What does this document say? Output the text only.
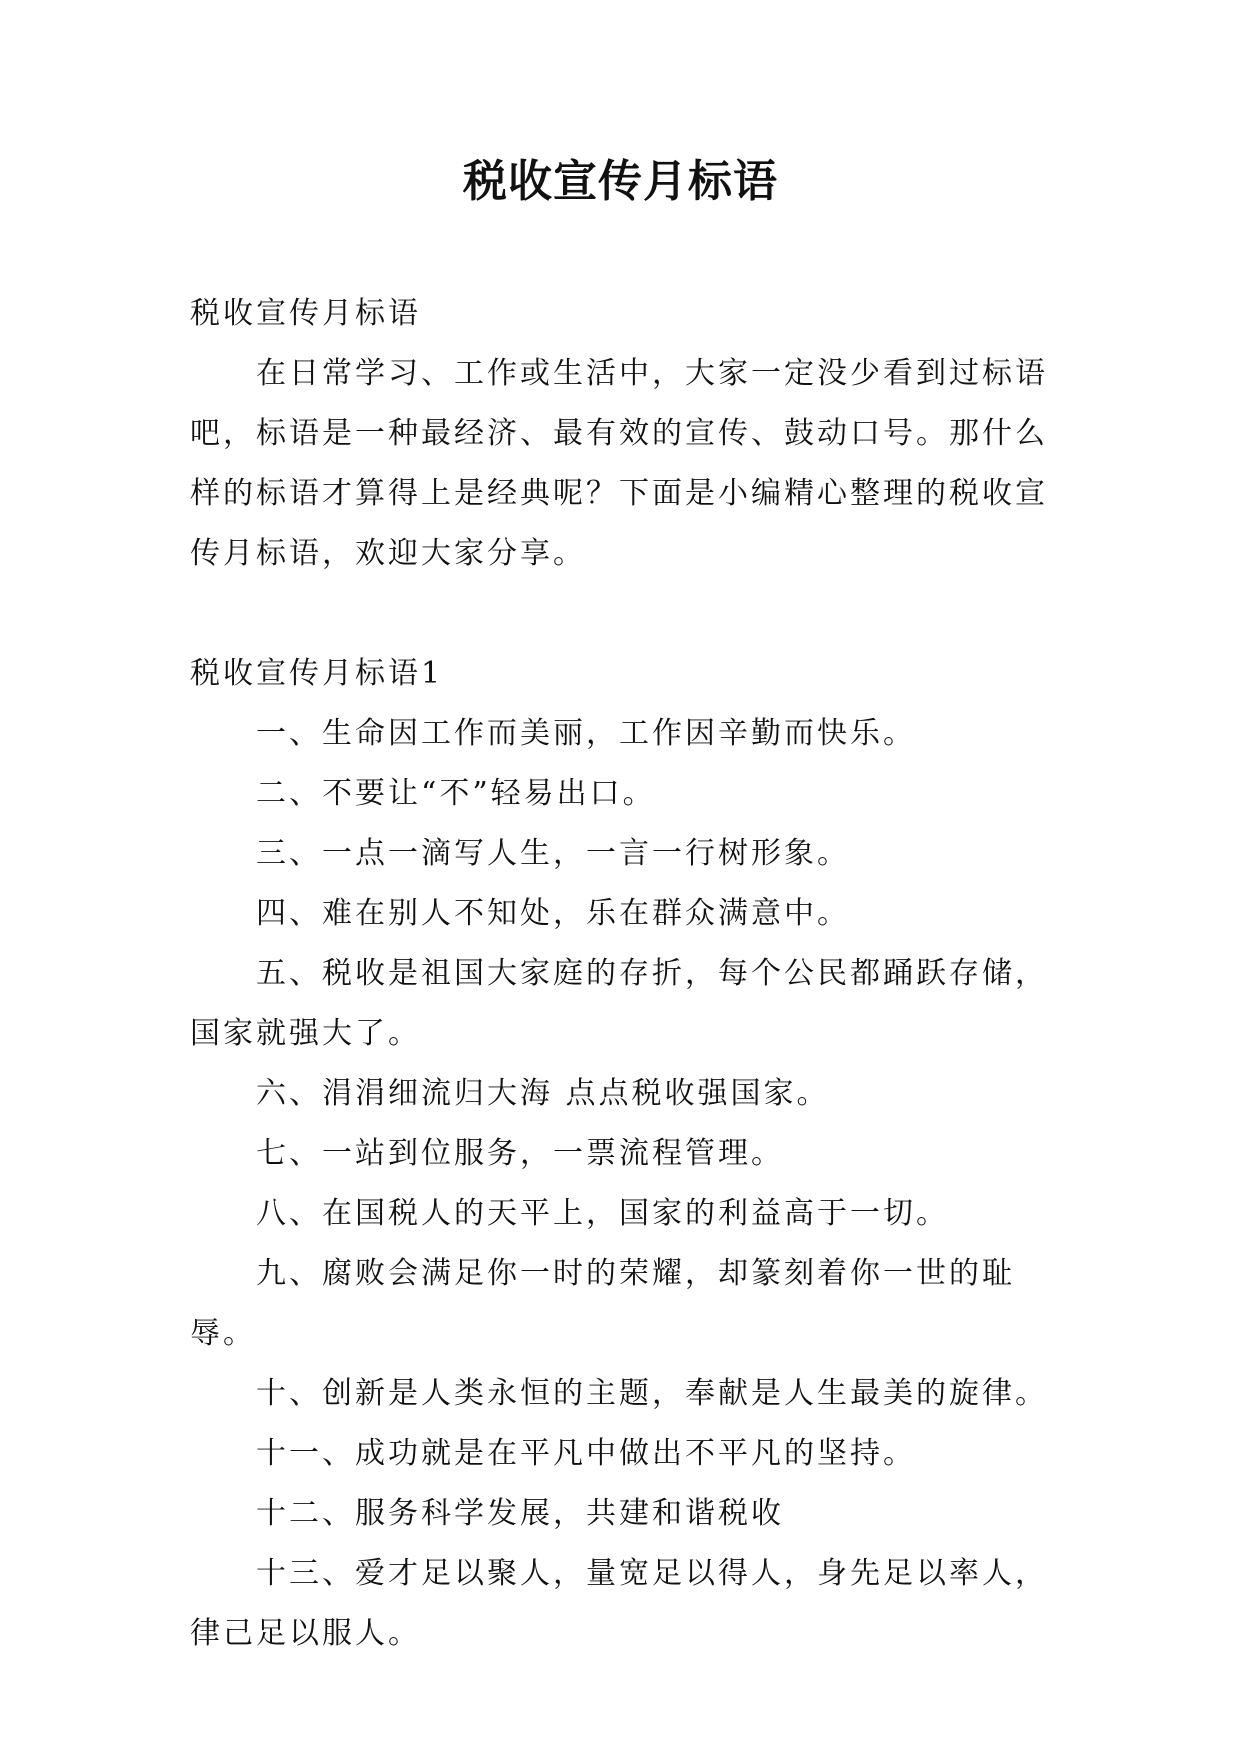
税收宣传月标语

税收宣传月标语

在日常学习、工作或生活中，大家一定没少看到过标语吧，标语是一种最经济、最有效的宣传、鼓动口号。那什么样的标语才算得上是经典呢？下面是小编精心整理的税收宣传月标语，欢迎大家分享。

税收宣传月标语1

一、生命因工作而美丽，工作因辛勤而快乐。

二、不要让“不”轻易出口。

三、一点一滴写人生，一言一行树形象。

四、难在别人不知处，乐在群众满意中。

五、税收是祖国大家庭的存折，每个公民都踊跃存储，国家就强大了。

六、涓涓细流归大海 点点税收强国家。

七、一站到位服务，一票流程管理。

八、在国税人的天平上，国家的利益高于一切。

九、腐败会满足你一时的荣耀，却篆刻着你一世的耻辱。

十、创新是人类永恒的主题，奉献是人生最美的旋律。

十一、成功就是在平凡中做出不平凡的坚持。

十二、服务科学发展，共建和谐税收

十三、爱才足以聚人，量宽足以得人，身先足以率人，律己足以服人。
